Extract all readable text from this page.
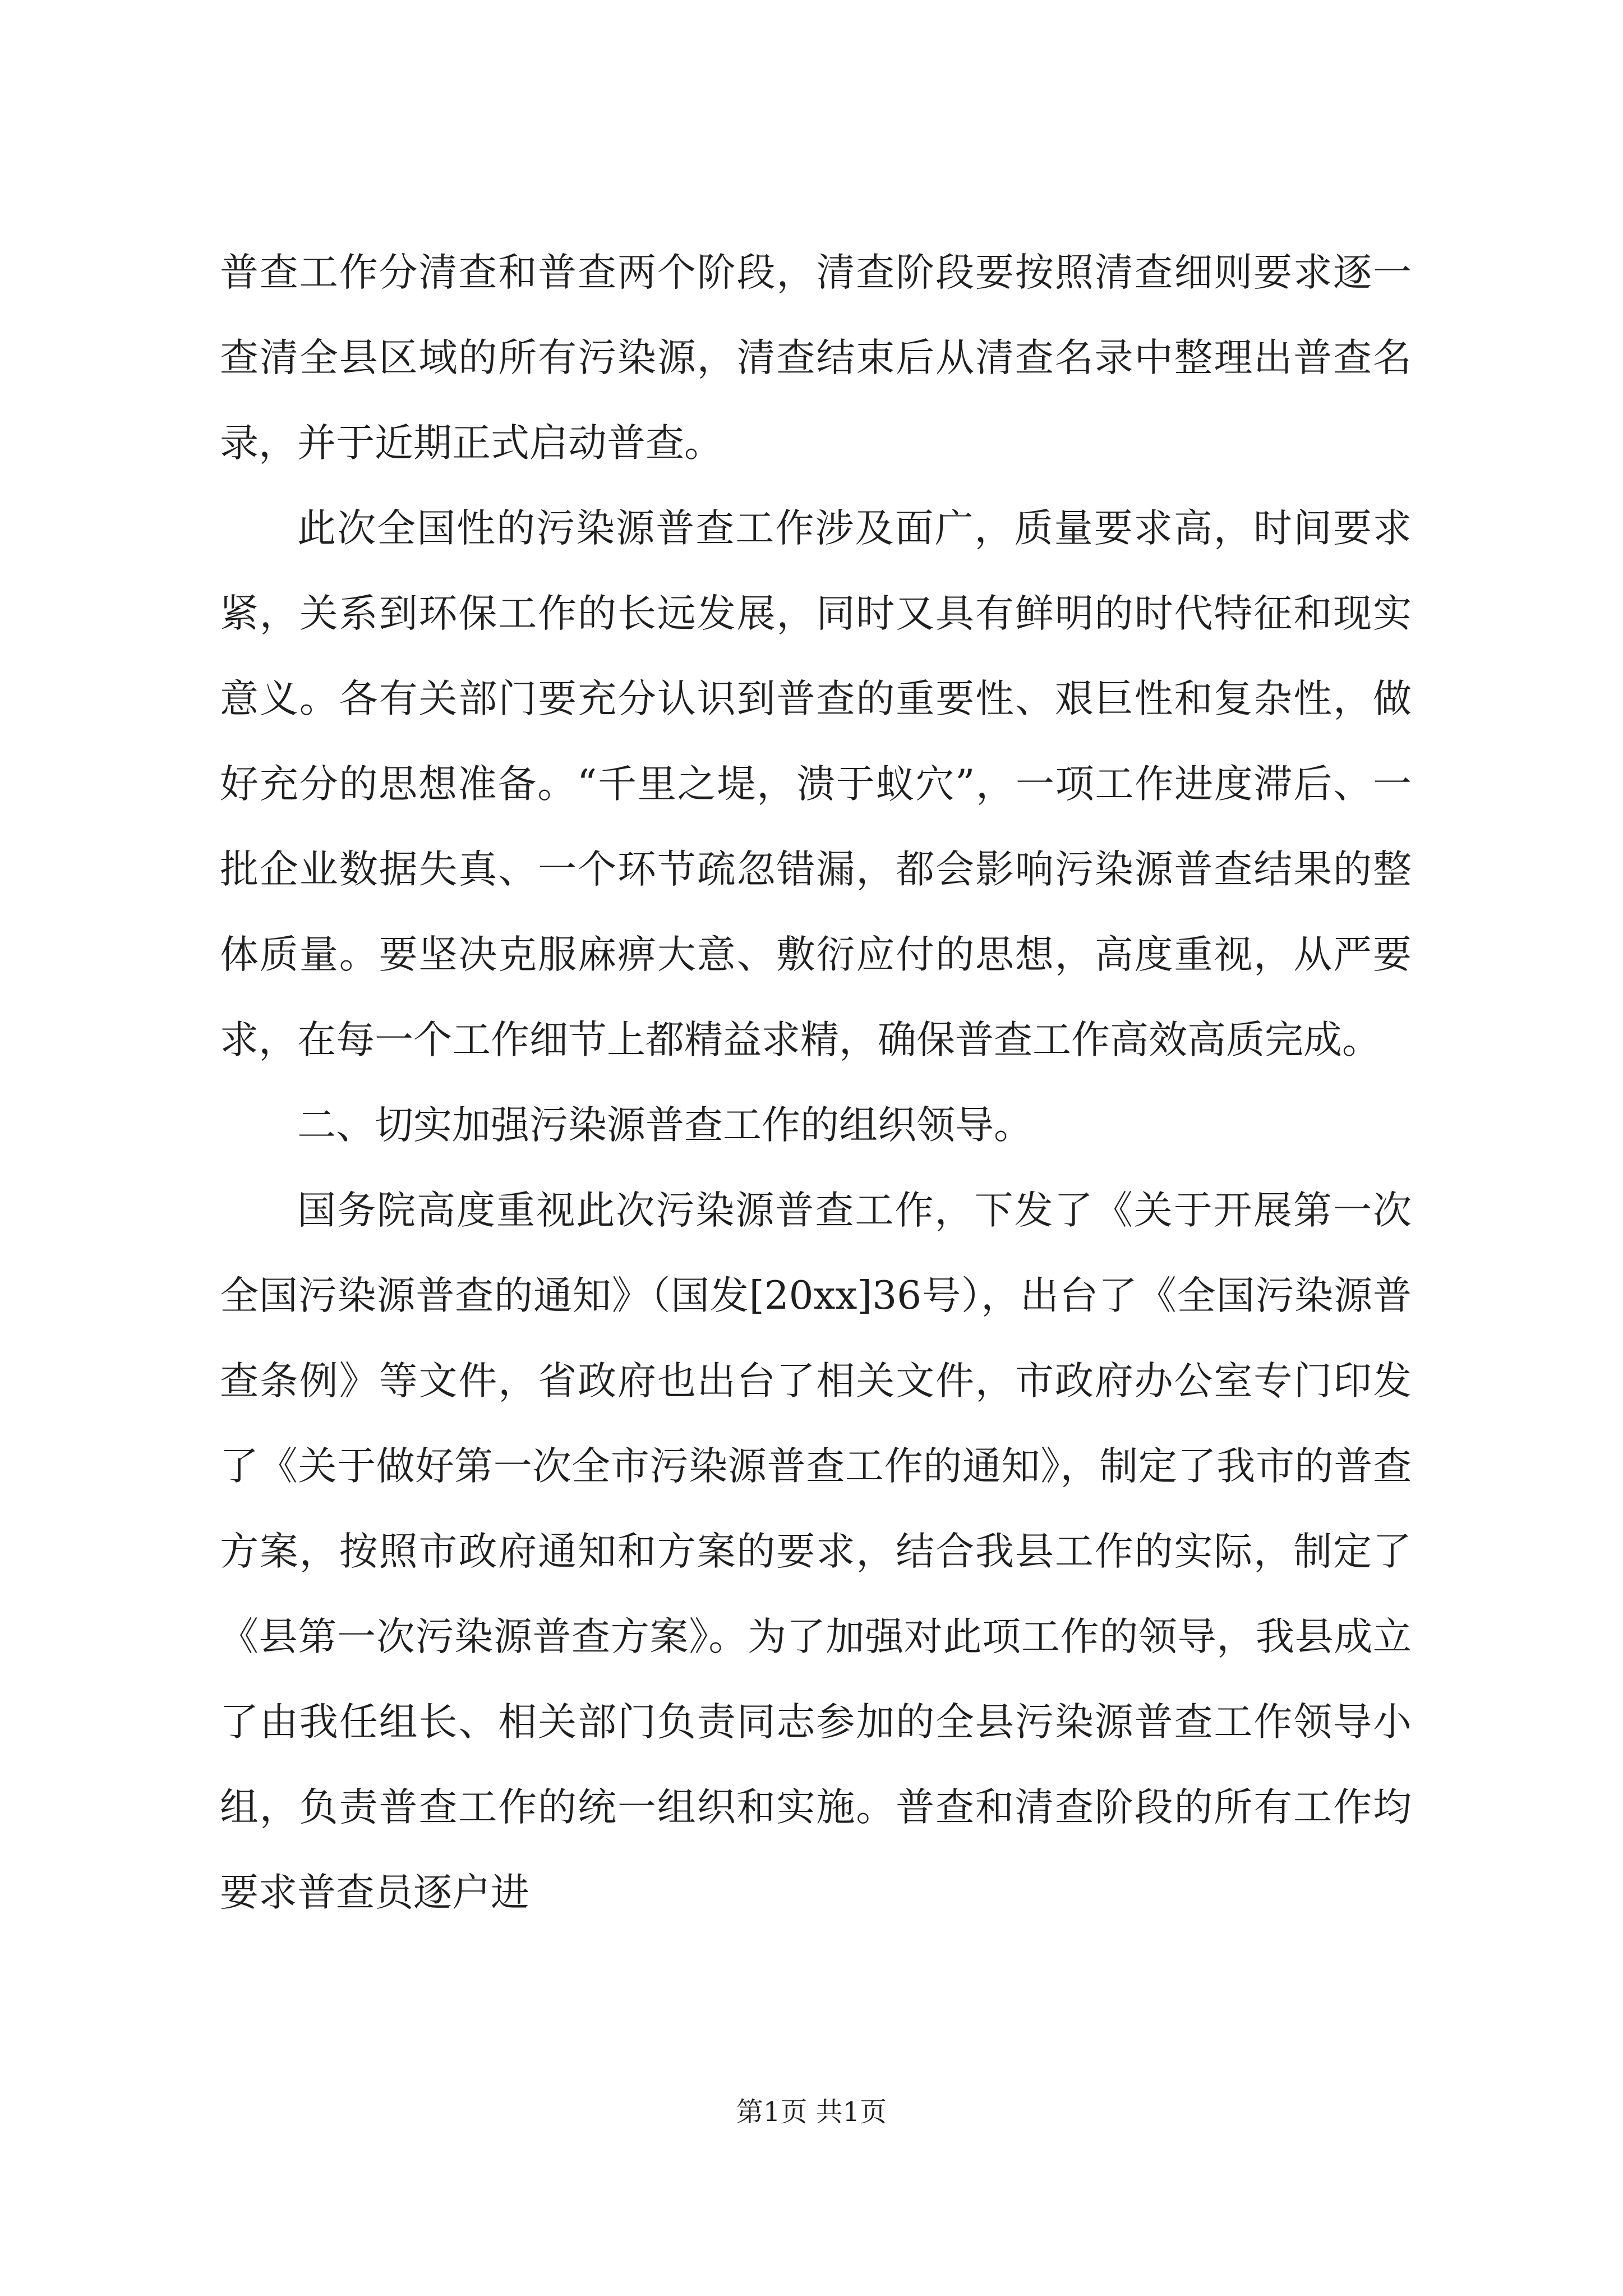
普查工作分清查和普查两个阶段，清查阶段要按照清查细则要求逐一查清全县区域的所有污染源，清查结束后从清查名录中整理出普查名录，并于近期正式启动普查。

此次全国性的污染源普查工作涉及面广，质量要求高，时间要求紧，关系到环保工作的长远发展，同时又具有鲜明的时代特征和现实意义。各有关部门要充分认识到普查的重要性、艰巨性和复杂性，做好充分的思想准备。“千里之堤，溃于蚁穴”，一项工作进度滞后、一批企业数据失真、一个环节疏忽错漏，都会影响污染源普查结果的整体质量。要坚决克服麻痹大意、敷衍应付的思想，高度重视，从严要求，在每一个工作细节上都精益求精，确保普查工作高效高质完成。

二、切实加强污染源普查工作的组织领导。

国务院高度重视此次污染源普查工作，下发了《关于开展第一次全国污染源普查的通知》（国发[20xx]36号），出台了《全国污染源普查条例》等文件，省政府也出台了相关文件，市政府办公室专门印发了《关于做好第一次全市污染源普查工作的通知》，制定了我市的普查方案，按照市政府通知和方案的要求，结合我县工作的实际，制定了《县第一次污染源普查方案》。为了加强对此项工作的领导，我县成立了由我任组长、相关部门负责同志参加的全县污染源普查工作领导小组，负责普查工作的统一组织和实施。普查和清查阶段的所有工作均要求普查员逐户进

第1页 共1页
